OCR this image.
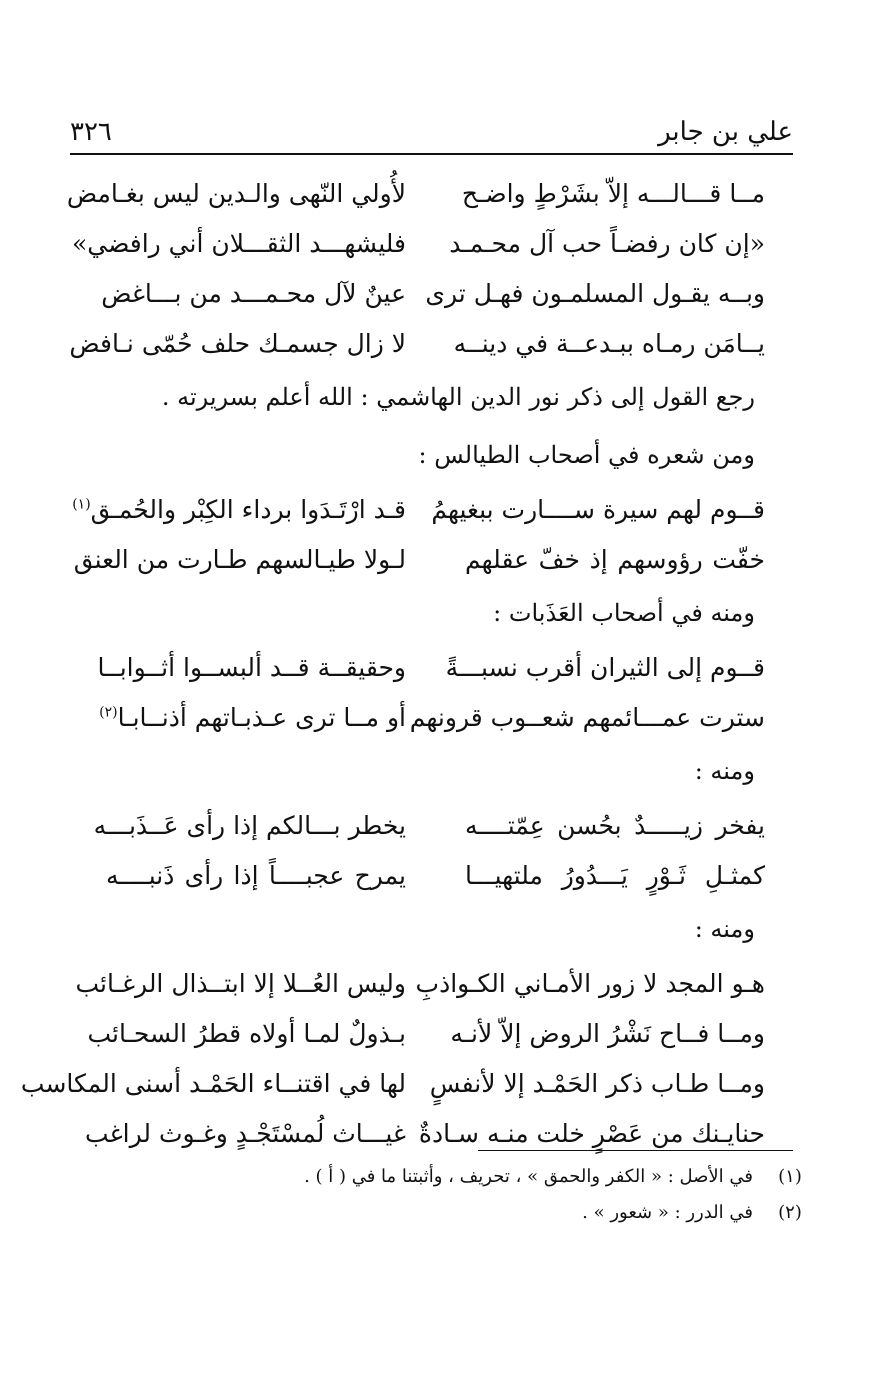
علي بن جابر
٣٢٦
مــا قـــالـــه إلاّ بشَرْطٍ واضـح
لأُولي النّهى والـدين ليس بغـامض
«إن كان رفضـاً حب آل محـمـد
فليشهـــد الثقـــلان أني رافضي»
وبــه يقـول المسلمـون فهـل ترى
عينٌ لآل محـمـــد من بـــاغض
يــامَن رمـاه ببـدعــة في دينــه
لا زال جسمـك حلف حُمّى نـافض
رجع القول إلى ذكر نور الدين الهاشمي : الله أعلم بسريرته .
ومن شعره في أصحاب الطيالس :
قــوم لهم سيرة ســــارت ببغيهمُ
قـد ارْتَـدَوا برداء الكِبْر والحُمـق$^{(١)}$
خفّت رؤوسهم إذ خفّ عقلهم
لـولا طيـالسهم طـارت من العنق
ومنه في أصحاب العَذَبات :
قــوم إلى الثيران أقرب نسبـــةً
وحقيقــة قــد ألبســوا أثــوابــا
سترت عمـــائمهم شعــوب قرونهم
أو مــا ترى عـذبـاتهم أذنــابـا$^{(٢)}$
ومنه :
يفخر زيـــــدٌ بحُسن عِمّتــــه
يخطر بـــالكم إذا رأى عَــذَبـــه
كمثـلِ ثَـوْرٍ يَـــدُورُ ملتهيـــا
يمرح عجبــــاً إذا رأى ذَنبــــه
ومنه :
هـو المجد لا زور الأمـاني الكـواذبِ
وليس العُــلا إلا ابتــذال الرغـائب
ومــا فــاح نَشْرُ الروض إلاّ لأنـه
بـذولٌ لمـا أولاه قطرُ السحـائب
ومــا طـاب ذكر الحَمْـد إلا لأنفسٍ
لها في اقتنــاء الحَمْـد أسنى المكاسب
حنايـنك من عَصْرٍ خلت منـه سـادةٌ
غيـــاث لُمسْتَجْـدٍ وغـوث لراغب
(١)
في الأصل : « الكفر والحمق » ، تحريف ، وأثبتنا ما في ( أ ) .
(٢)
في الدرر : « شعور » .
